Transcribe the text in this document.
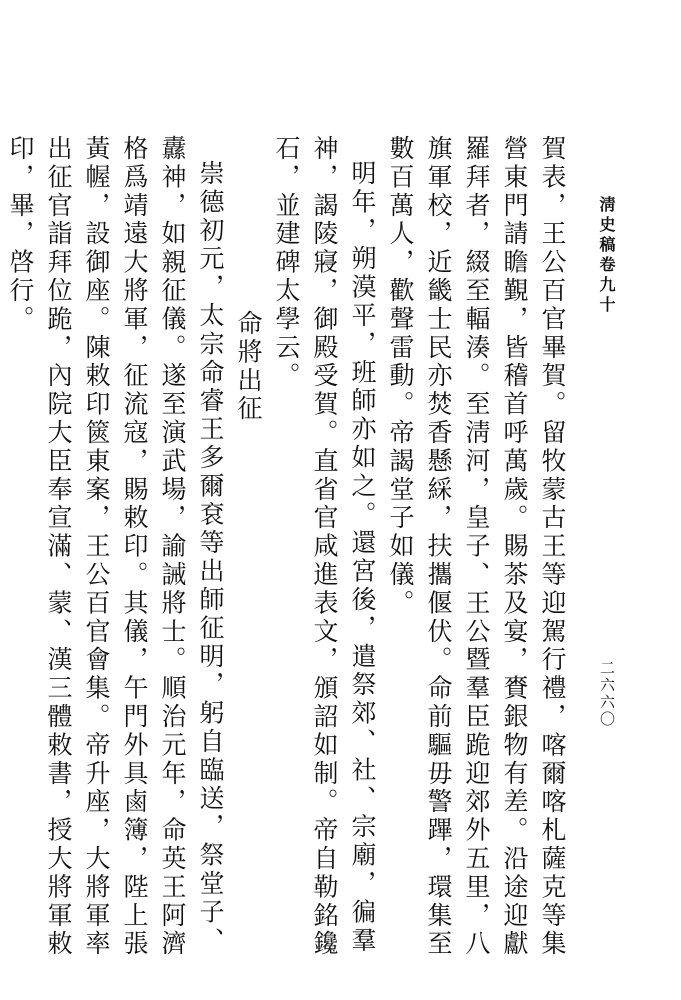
淸史稿卷九十
二六六〇

賀表，王公百官畢賀。留牧蒙古王等迎駕行禮，喀爾喀札薩克等集營東門請瞻覲，皆稽首呼萬歲。賜茶及宴，賚銀物有差。沿途迎獻羅拜者，綴至輻湊。至淸河，皇子、王公暨羣臣跪迎郊外五里，八旗軍校，近畿士民亦焚香懸綵，扶攜偃伏。命前驅毋警蹕，環集至數百萬人，歡聲雷動。帝謁堂子如儀。

明年，朔漠平，班師亦如之。還宮後，遣祭郊、社、宗廟，徧羣神，謁陵寢，御殿受賀。直省官咸進表文，頒詔如制。帝自勒銘鑱石，並建碑太學云。

命將出征

崇德初元，太宗命睿王多爾袞等出師征明，躬自臨送，祭堂子、纛神，如親征儀。遂至演武場，諭誡將士。順治元年，命英王阿濟格爲靖遠大將軍，征流寇，賜敕印。其儀，午門外具鹵簿，陛上張黃幄，設御座。陳敕印篋東案，王公百官會集。帝升座，大將軍率出征官詣拜位跪，內院大臣奉宣滿、蒙、漢三體敕書，授大將軍敕印，畢，啓行。
